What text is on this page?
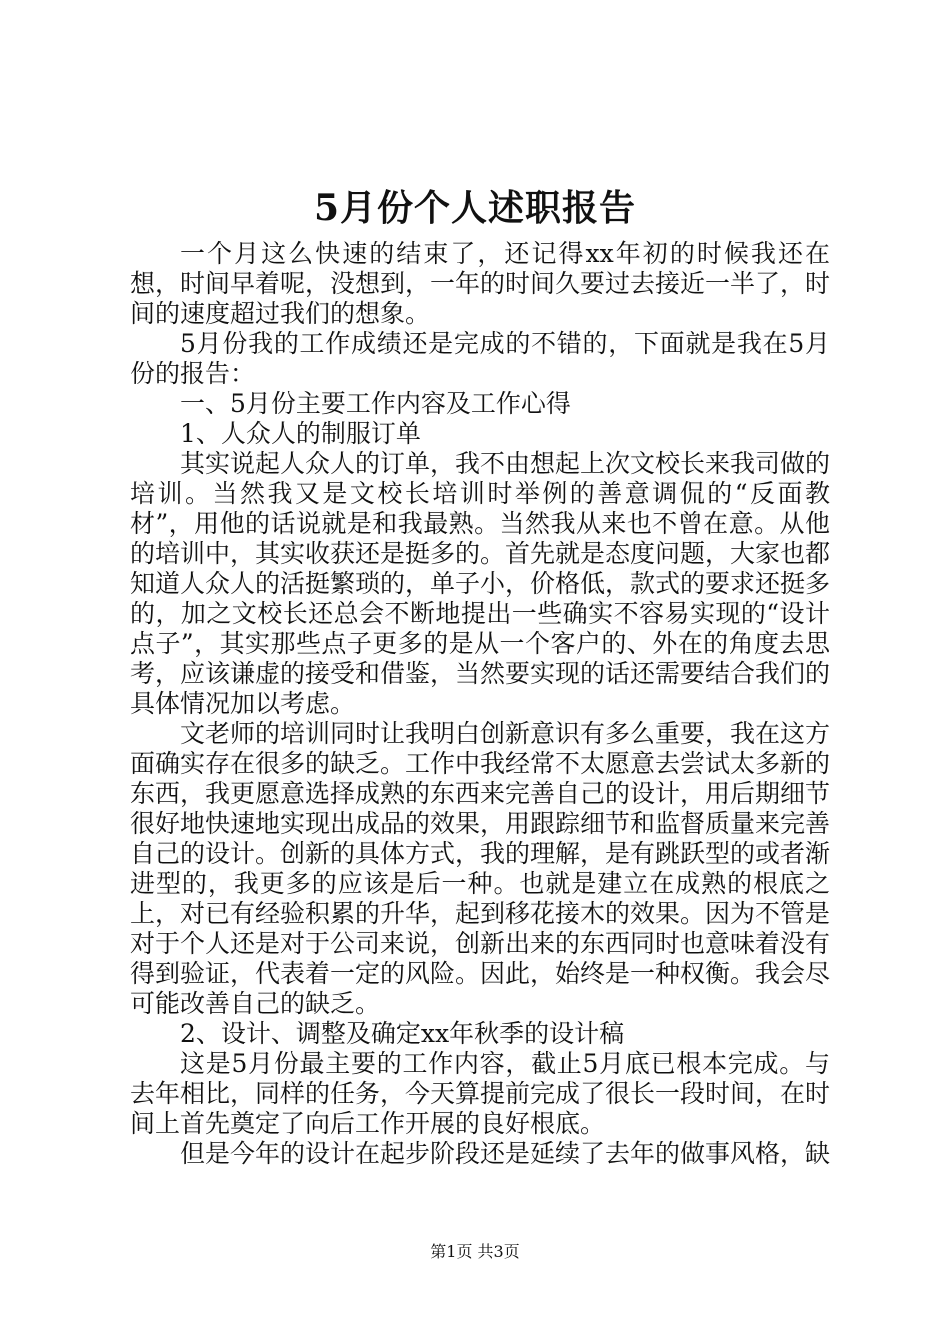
5月份个人述职报告

一个月这么快速的结束了，还记得xx年初的时候我还在想，时间早着呢，没想到，一年的时间久要过去接近一半了，时间的速度超过我们的想象。

5月份我的工作成绩还是完成的不错的，下面就是我在5月份的报告：

一、5月份主要工作内容及工作心得

1、人众人的制服订单

其实说起人众人的订单，我不由想起上次文校长来我司做的培训。当然我又是文校长培训时举例的善意调侃的“反面教材”，用他的话说就是和我最熟。当然我从来也不曾在意。从他的培训中，其实收获还是挺多的。首先就是态度问题，大家也都知道人众人的活挺繁琐的，单子小，价格低，款式的要求还挺多的，加之文校长还总会不断地提出一些确实不容易实现的“设计点子”，其实那些点子更多的是从一个客户的、外在的角度去思考，应该谦虚的接受和借鉴，当然要实现的话还需要结合我们的具体情况加以考虑。

文老师的培训同时让我明白创新意识有多么重要，我在这方面确实存在很多的缺乏。工作中我经常不太愿意去尝试太多新的东西，我更愿意选择成熟的东西来完善自己的设计，用后期细节很好地快速地实现出成品的效果，用跟踪细节和监督质量来完善自己的设计。创新的具体方式，我的理解，是有跳跃型的或者渐进型的，我更多的应该是后一种。也就是建立在成熟的根底之上，对已有经验积累的升华，起到移花接木的效果。因为不管是对于个人还是对于公司来说，创新出来的东西同时也意味着没有得到验证，代表着一定的风险。因此，始终是一种权衡。我会尽可能改善自己的缺乏。

2、设计、调整及确定xx年秋季的设计稿

这是5月份最主要的工作内容，截止5月底已根本完成。与去年相比，同样的任务，今天算提前完成了很长一段时间，在时间上首先奠定了向后工作开展的良好根底。

但是今年的设计在起步阶段还是延续了去年的做事风格，缺

第1页 共3页
